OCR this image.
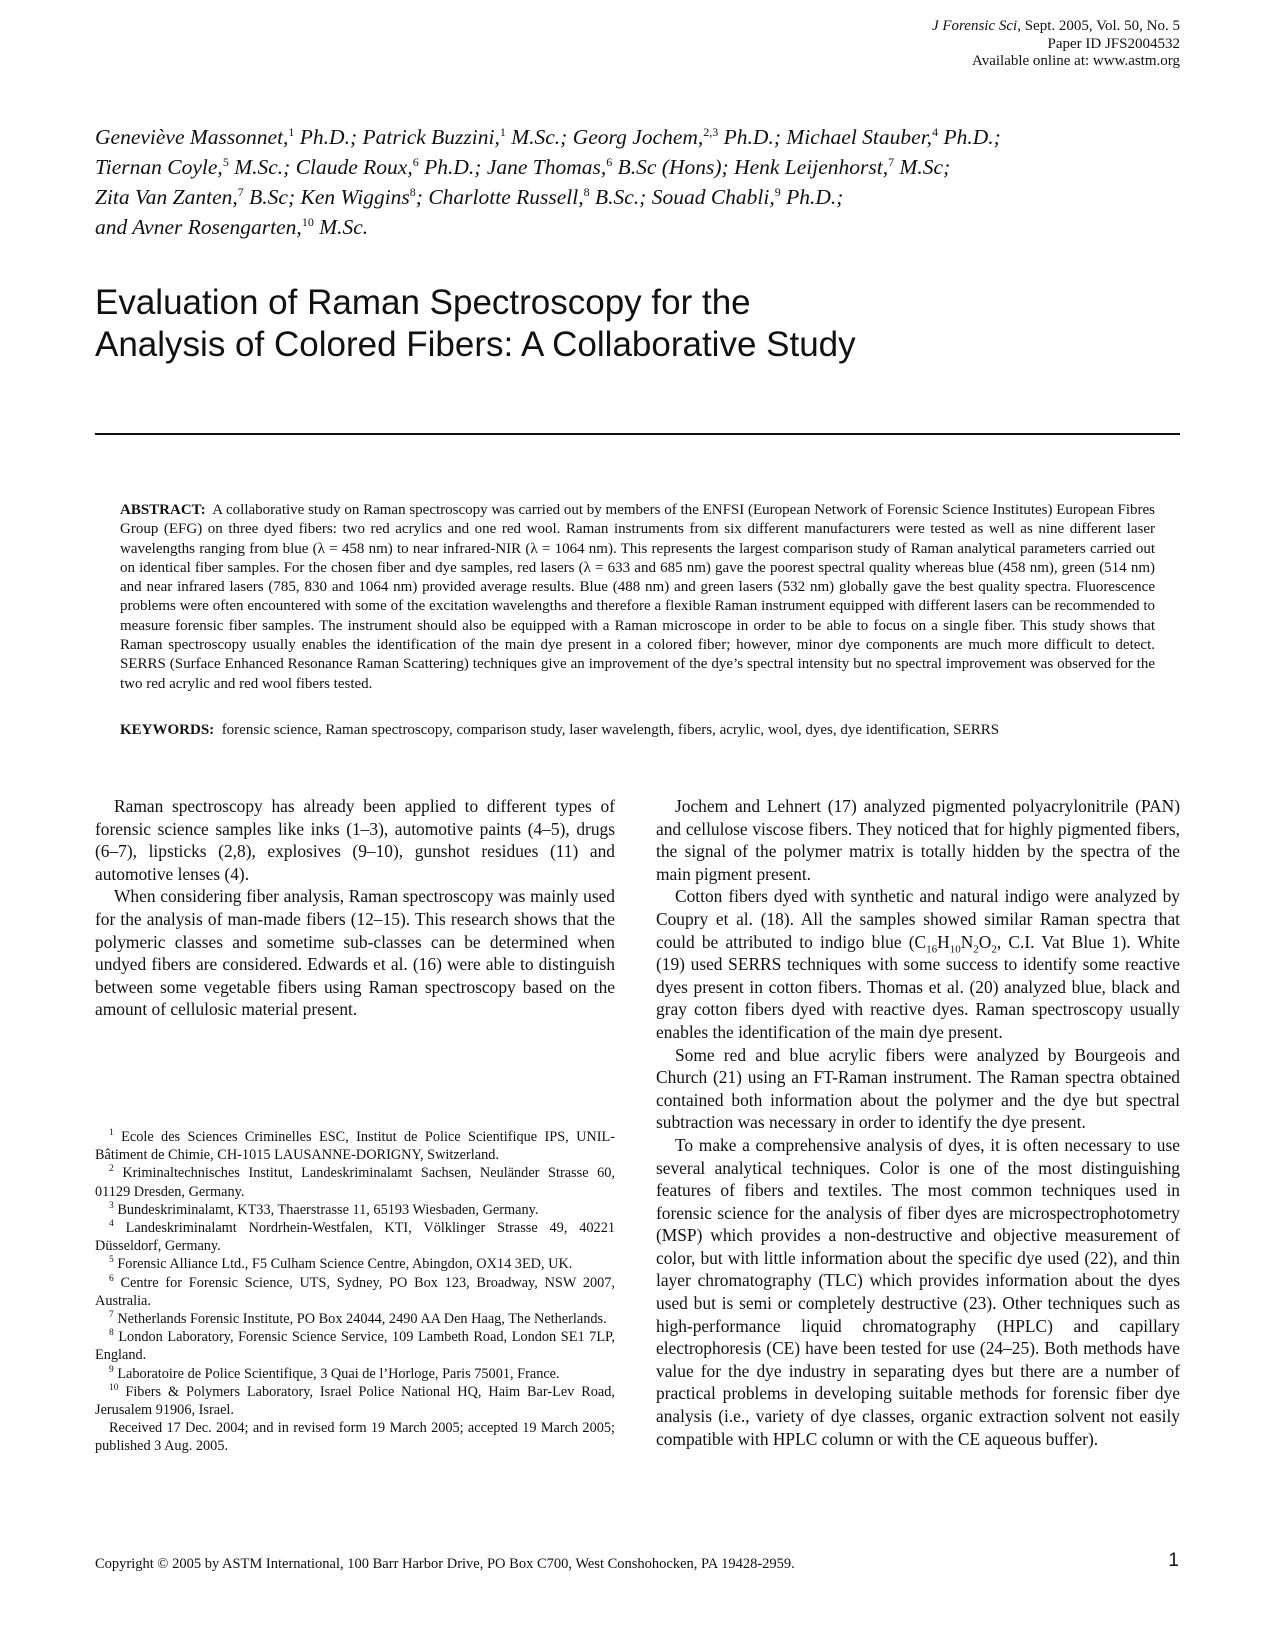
J Forensic Sci, Sept. 2005, Vol. 50, No. 5
Paper ID JFS2004532
Available online at: www.astm.org
Geneviève Massonnet,$^1$ Ph.D.; Patrick Buzzini,$^1$ M.Sc.; Georg Jochem,$^{2,3}$ Ph.D.; Michael Stauber,$^4$ Ph.D.;
Tiernan Coyle,$^5$ M.Sc.; Claude Roux,$^6$ Ph.D.; Jane Thomas,$^6$ B.Sc (Hons); Henk Leijenhorst,$^7$ M.Sc;
Zita Van Zanten,$^7$ B.Sc; Ken Wiggins$^8$; Charlotte Russell,$^8$ B.Sc.; Souad Chabli,$^9$ Ph.D.;
and Avner Rosengarten,$^{10}$ M.Sc.
Evaluation of Raman Spectroscopy for the
Analysis of Colored Fibers: A Collaborative Study

ABSTRACT: A collaborative study on Raman spectroscopy was carried out by members of the ENFSI (European Network of Forensic Science Institutes) European Fibres Group (EFG) on three dyed fibers: two red acrylics and one red wool. Raman instruments from six different manufacturers were tested as well as nine different laser wavelengths ranging from blue (λ = 458 nm) to near infrared-NIR (λ = 1064 nm). This represents the largest comparison study of Raman analytical parameters carried out on identical fiber samples. For the chosen fiber and dye samples, red lasers (λ = 633 and 685 nm) gave the poorest spectral quality whereas blue (458 nm), green (514 nm) and near infrared lasers (785, 830 and 1064 nm) provided average results. Blue (488 nm) and green lasers (532 nm) globally gave the best quality spectra. Fluorescence problems were often encountered with some of the excitation wavelengths and therefore a flexible Raman instrument equipped with different lasers can be recommended to measure forensic fiber samples. The instrument should also be equipped with a Raman microscope in order to be able to focus on a single fiber. This study shows that Raman spectroscopy usually enables the identification of the main dye present in a colored fiber; however, minor dye components are much more difficult to detect. SERRS (Surface Enhanced Resonance Raman Scattering) techniques give an improvement of the dye’s spectral intensity but no spectral improvement was observed for the two red acrylic and red wool fibers tested.

KEYWORDS: forensic science, Raman spectroscopy, comparison study, laser wavelength, fibers, acrylic, wool, dyes, dye identification, SERRS

Raman spectroscopy has already been applied to different types of forensic science samples like inks (1–3), automotive paints (4–5), drugs (6–7), lipsticks (2,8), explosives (9–10), gunshot residues (11) and automotive lenses (4).

When considering fiber analysis, Raman spectroscopy was mainly used for the analysis of man-made fibers (12–15). This research shows that the polymeric classes and sometime sub-classes can be determined when undyed fibers are considered. Edwards et al. (16) were able to distinguish between some vegetable fibers using Raman spectroscopy based on the amount of cellulosic material present.

$^1$ Ecole des Sciences Criminelles ESC, Institut de Police Scientifique IPS, UNIL-Bâtiment de Chimie, CH-1015 LAUSANNE-DORIGNY, Switzerland.

$^2$ Kriminaltechnisches Institut, Landeskriminalamt Sachsen, Neuländer Strasse 60, 01129 Dresden, Germany.

$^3$ Bundeskriminalamt, KT33, Thaerstrasse 11, 65193 Wiesbaden, Germany.

$^4$ Landeskriminalamt Nordrhein-Westfalen, KTI, Völklinger Strasse 49, 40221 Düsseldorf, Germany.

$^5$ Forensic Alliance Ltd., F5 Culham Science Centre, Abingdon, OX14 3ED, UK.

$^6$ Centre for Forensic Science, UTS, Sydney, PO Box 123, Broadway, NSW 2007, Australia.

$^7$ Netherlands Forensic Institute, PO Box 24044, 2490 AA Den Haag, The Netherlands.

$^8$ London Laboratory, Forensic Science Service, 109 Lambeth Road, London SE1 7LP, England.

$^9$ Laboratoire de Police Scientifique, 3 Quai de l’Horloge, Paris 75001, France.

$^{10}$ Fibers & Polymers Laboratory, Israel Police National HQ, Haim Bar-Lev Road, Jerusalem 91906, Israel.

Received 17 Dec. 2004; and in revised form 19 March 2005; accepted 19 March 2005; published 3 Aug. 2005.

Jochem and Lehnert (17) analyzed pigmented polyacrylonitrile (PAN) and cellulose viscose fibers. They noticed that for highly pigmented fibers, the signal of the polymer matrix is totally hidden by the spectra of the main pigment present.

Cotton fibers dyed with synthetic and natural indigo were analyzed by Coupry et al. (18). All the samples showed similar Raman spectra that could be attributed to indigo blue ($C_{16}H_{10}N_2O_2$, C.I. Vat Blue 1). White (19) used SERRS techniques with some success to identify some reactive dyes present in cotton fibers. Thomas et al. (20) analyzed blue, black and gray cotton fibers dyed with reactive dyes. Raman spectroscopy usually enables the identification of the main dye present.

Some red and blue acrylic fibers were analyzed by Bourgeois and Church (21) using an FT-Raman instrument. The Raman spectra obtained contained both information about the polymer and the dye but spectral subtraction was necessary in order to identify the dye present.

To make a comprehensive analysis of dyes, it is often necessary to use several analytical techniques. Color is one of the most distinguishing features of fibers and textiles. The most common techniques used in forensic science for the analysis of fiber dyes are microspectrophotometry (MSP) which provides a non-destructive and objective measurement of color, but with little information about the specific dye used (22), and thin layer chromatography (TLC) which provides information about the dyes used but is semi or completely destructive (23). Other techniques such as high-performance liquid chromatography (HPLC) and capillary electrophoresis (CE) have been tested for use (24–25). Both methods have value for the dye industry in separating dyes but there are a number of practical problems in developing suitable methods for forensic fiber dye analysis (i.e., variety of dye classes, organic extraction solvent not easily compatible with HPLC column or with the CE aqueous buffer).

Copyright © 2005 by ASTM International, 100 Barr Harbor Drive, PO Box C700, West Conshohocken, PA 19428-2959.	1
